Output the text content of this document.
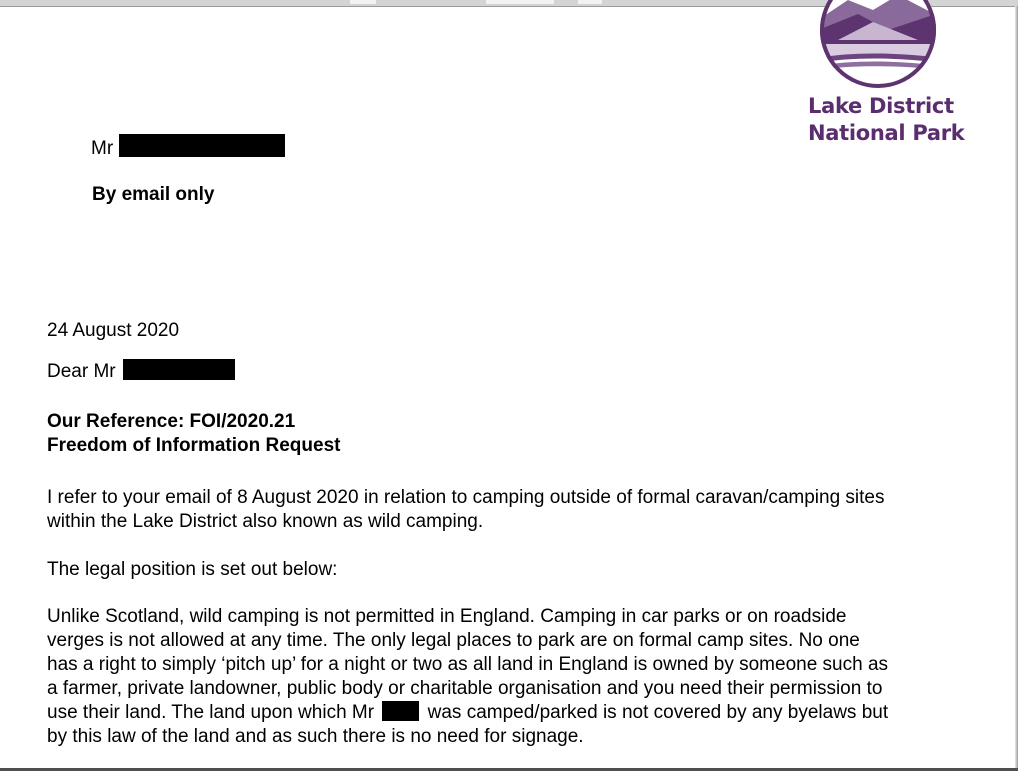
Lake District
National Park
Mr
By email only
24 August 2020
Dear Mr
Our Reference: FOI/2020.21
Freedom of Information Request
I refer to your email of 8 August 2020 in relation to camping outside of formal caravan/camping sites
within the Lake District also known as wild camping.
The legal position is set out below:
Unlike Scotland, wild camping is not permitted in England. Camping in car parks or on roadside
verges is not allowed at any time. The only legal places to park are on formal camp sites. No one
has a right to simply ‘pitch up’ for a night or two as all land in England is owned by someone such as
a farmer, private landowner, public body or charitable organisation and you need their permission to
use their land. The land upon which Mr	was camped/parked is not covered by any byelaws but
by this law of the land and as such there is no need for signage.
